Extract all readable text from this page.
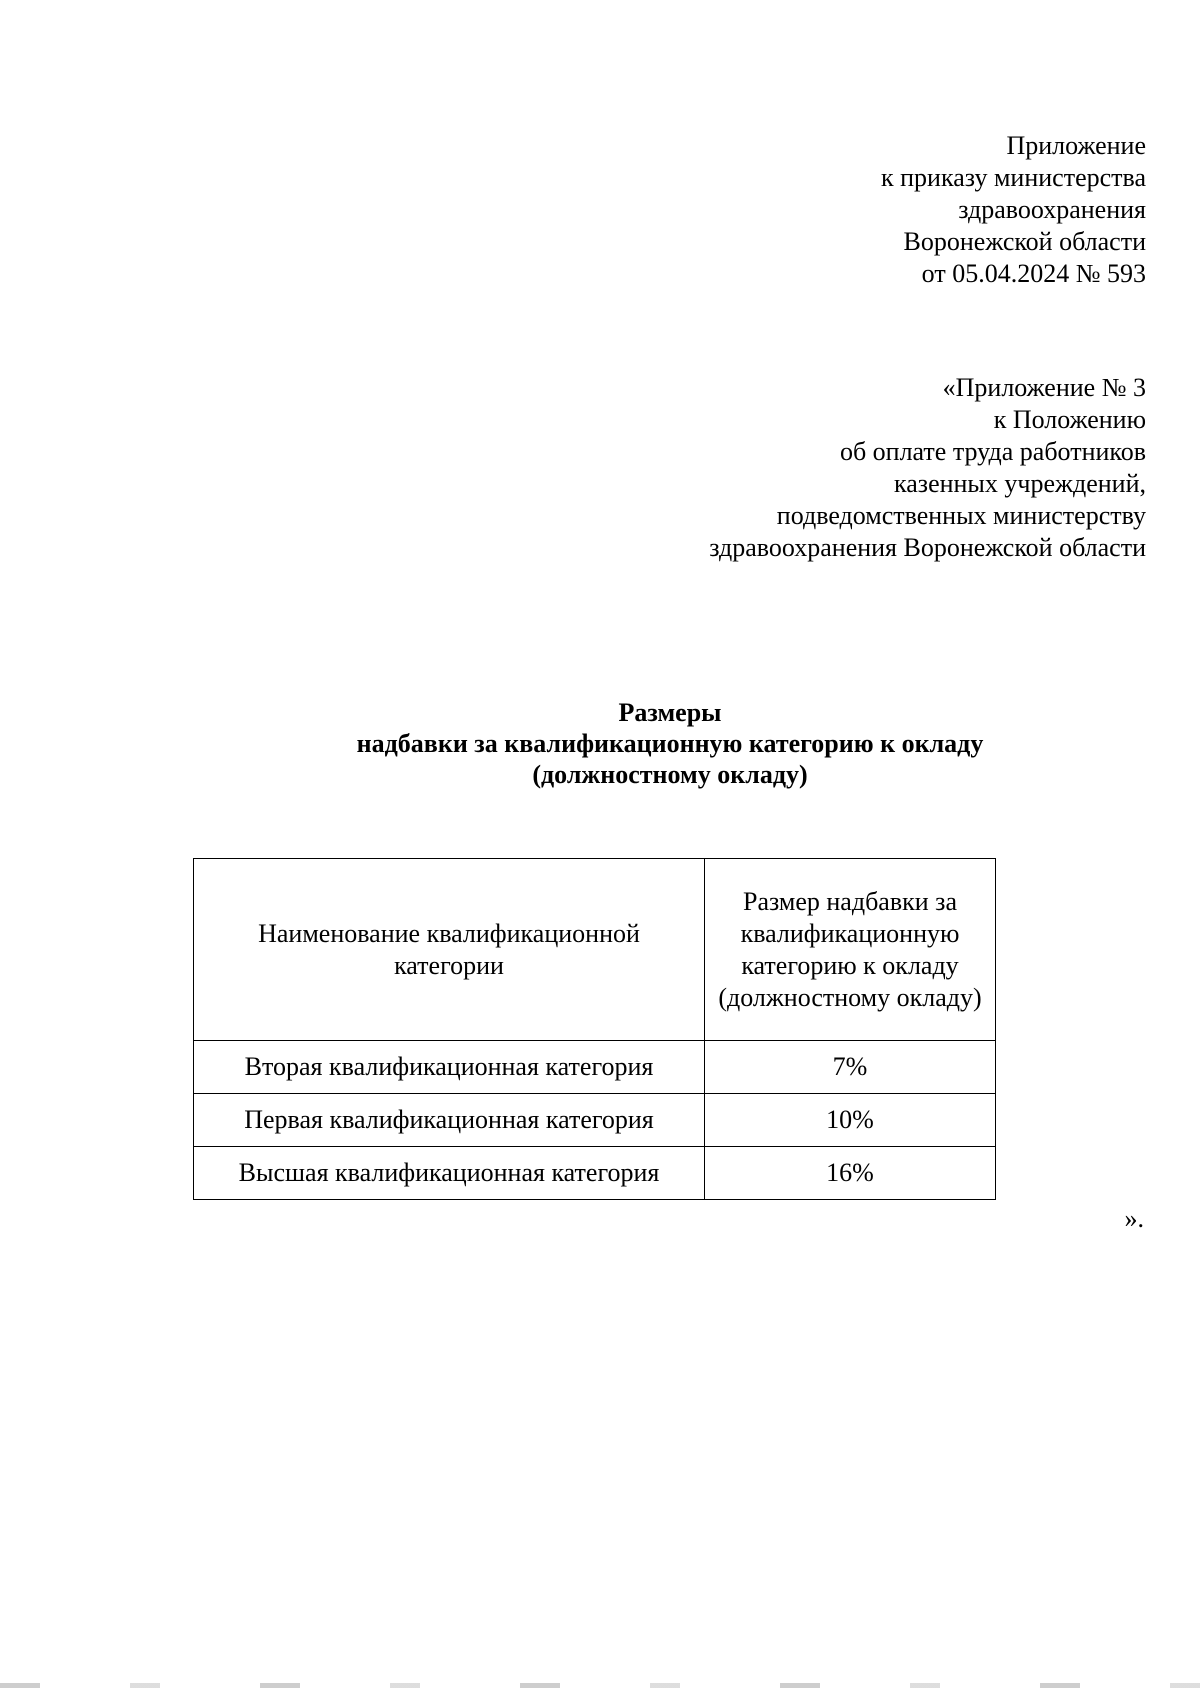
Приложение
к приказу министерства
здравоохранения
Воронежской области
от 05.04.2024 № 593
«Приложение № 3
к Положению
об оплате труда работников
казенных учреждений,
подведомственных министерству
здравоохранения Воронежской области
Размеры
надбавки за квалификационную категорию к окладу
(должностному окладу)
Наименование квалификационной категории	Размер надбавки за квалификационную категорию к окладу (должностному окладу)
Вторая квалификационная категория	7%
Первая квалификационная категория	10%
Высшая квалификационная категория	16%
».
